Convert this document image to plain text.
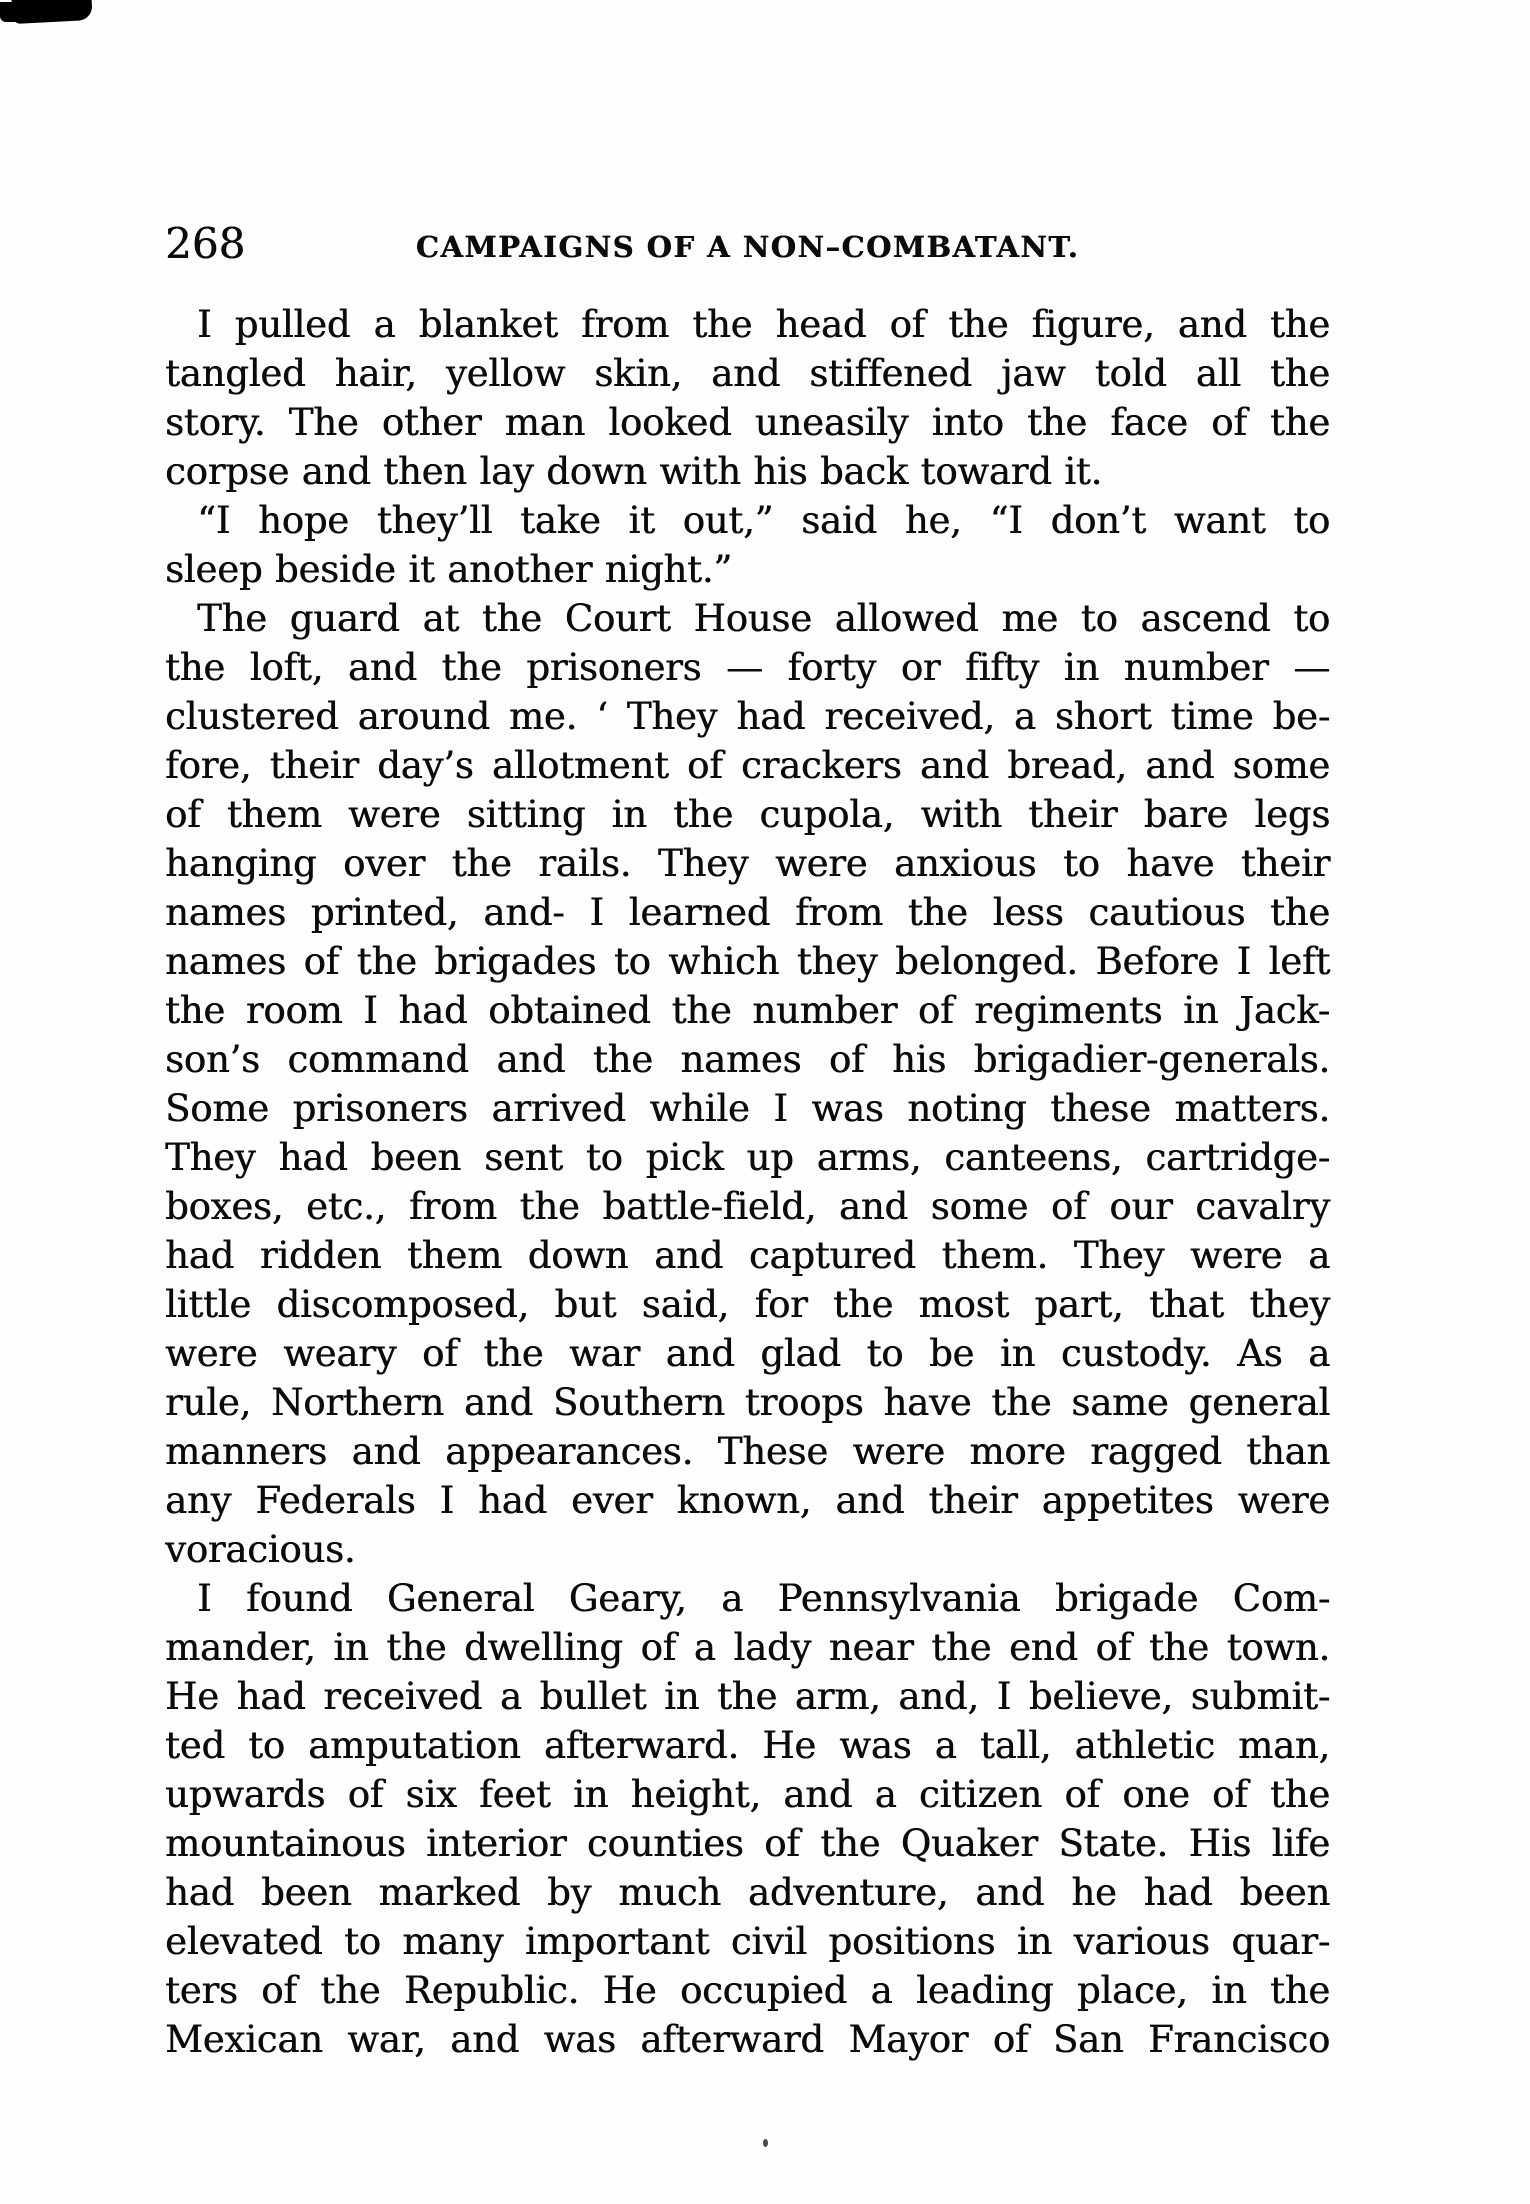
268	CAMPAIGNS OF A NON–COMBATANT.
I pulled a blanket from the head of the figure, and the
tangled hair, yellow skin, and stiffened jaw told all the
story. The other man looked uneasily into the face of the
corpse and then lay down with his back toward it.
“I hope they’ll take it out,” said he, “I don’t want to
sleep beside it another night.”
The guard at the Court House allowed me to ascend to
the loft, and the prisoners — forty or fifty in number —
clustered around me. ‘ They had received, a short time be-
fore, their day’s allotment of crackers and bread, and some
of them were sitting in the cupola, with their bare legs
hanging over the rails. They were anxious to have their
names printed, and- I learned from the less cautious the
names of the brigades to which they belonged. Before I left
the room I had obtained the number of regiments in Jack-
son’s command and the names of his brigadier-generals.
Some prisoners arrived while I was noting these matters.
They had been sent to pick up arms, canteens, cartridge-
boxes, etc., from the battle-field, and some of our cavalry
had ridden them down and captured them. They were a
little discomposed, but said, for the most part, that they
were weary of the war and glad to be in custody. As a
rule, Northern and Southern troops have the same general
manners and appearances. These were more ragged than
any Federals I had ever known, and their appetites were
voracious.
I found General Geary, a Pennsylvania brigade Com-
mander, in the dwelling of a lady near the end of the town.
He had received a bullet in the arm, and, I believe, submit-
ted to amputation afterward. He was a tall, athletic man,
upwards of six feet in height, and a citizen of one of the
mountainous interior counties of the Quaker State. His life
had been marked by much adventure, and he had been
elevated to many important civil positions in various quar-
ters of the Republic. He occupied a leading place, in the
Mexican war, and was afterward Mayor of San Francisco
